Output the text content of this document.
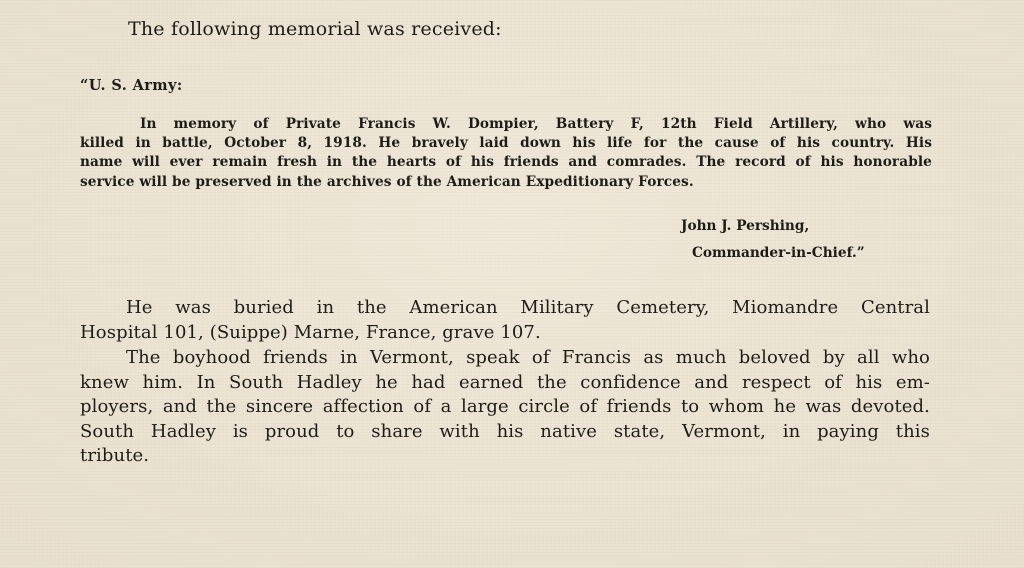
The following memorial was received:
“U. S. Army:
In memory of Private Francis W. Dompier, Battery F, 12th Field Artillery, who was
killed in battle, October 8, 1918. He bravely laid down his life for the cause of his country. His
name will ever remain fresh in the hearts of his friends and comrades. The record of his honorable
service will be preserved in the archives of the American Expeditionary Forces.
John J. Pershing,
Commander-in-Chief.”
He was buried in the American Military Cemetery, Miomandre Central
Hospital 101, (Suippe) Marne, France, grave 107.
The boyhood friends in Vermont, speak of Francis as much beloved by all who
knew him. In South Hadley he had earned the confidence and respect of his em-
ployers, and the sincere affection of a large circle of friends to whom he was devoted.
South Hadley is proud to share with his native state, Vermont, in paying this
tribute.
